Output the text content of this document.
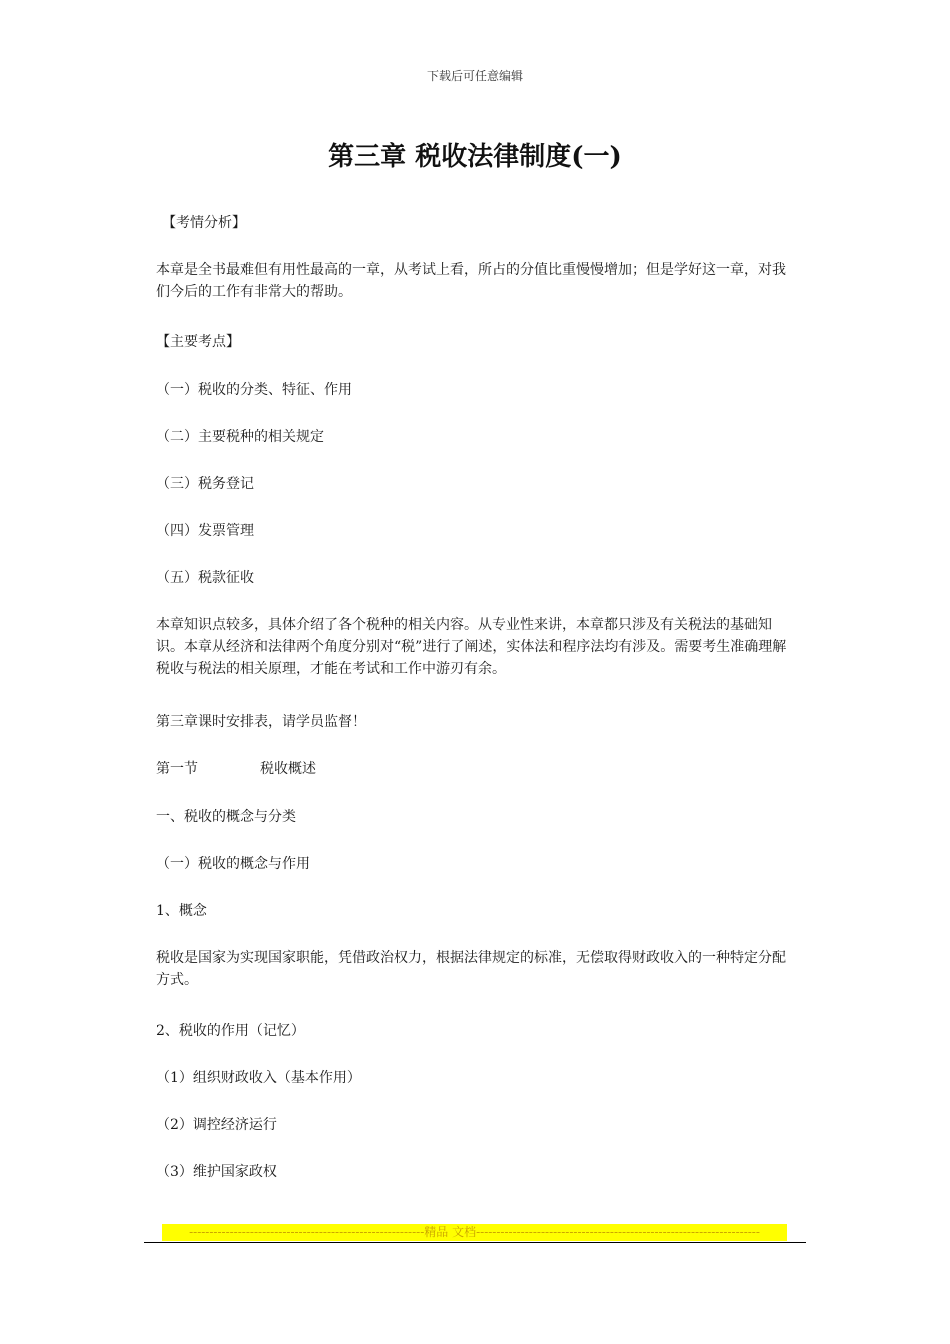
下载后可任意编辑
第三章 税收法律制度(一)

【考情分析】

本章是全书最难但有用性最高的一章，从考试上看，所占的分值比重慢慢增加；但是学好这一章，对我们今后的工作有非常大的帮助。

【主要考点】

（一）税收的分类、特征、作用

（二）主要税种的相关规定

（三）税务登记

（四）发票管理

（五）税款征收

本章知识点较多，具体介绍了各个税种的相关内容。从专业性来讲，本章都只涉及有关税法的基础知识。本章从经济和法律两个角度分别对“税”进行了阐述，实体法和程序法均有涉及。需要考生准确理解税收与税法的相关原理，才能在考试和工作中游刃有余。

第三章课时安排表，请学员监督！

第一节	税收概述

一、税收的概念与分类

（一）税收的概念与作用

1、概念

税收是国家为实现国家职能，凭借政治权力，根据法律规定的标准，无偿取得财政收入的一种特定分配方式。

2、税收的作用（记忆）

（1）组织财政收入（基本作用）

（2）调控经济运行

（3）维护国家政权

----------------------------------------------------------精品 文档----------------------------------------------------------------------
